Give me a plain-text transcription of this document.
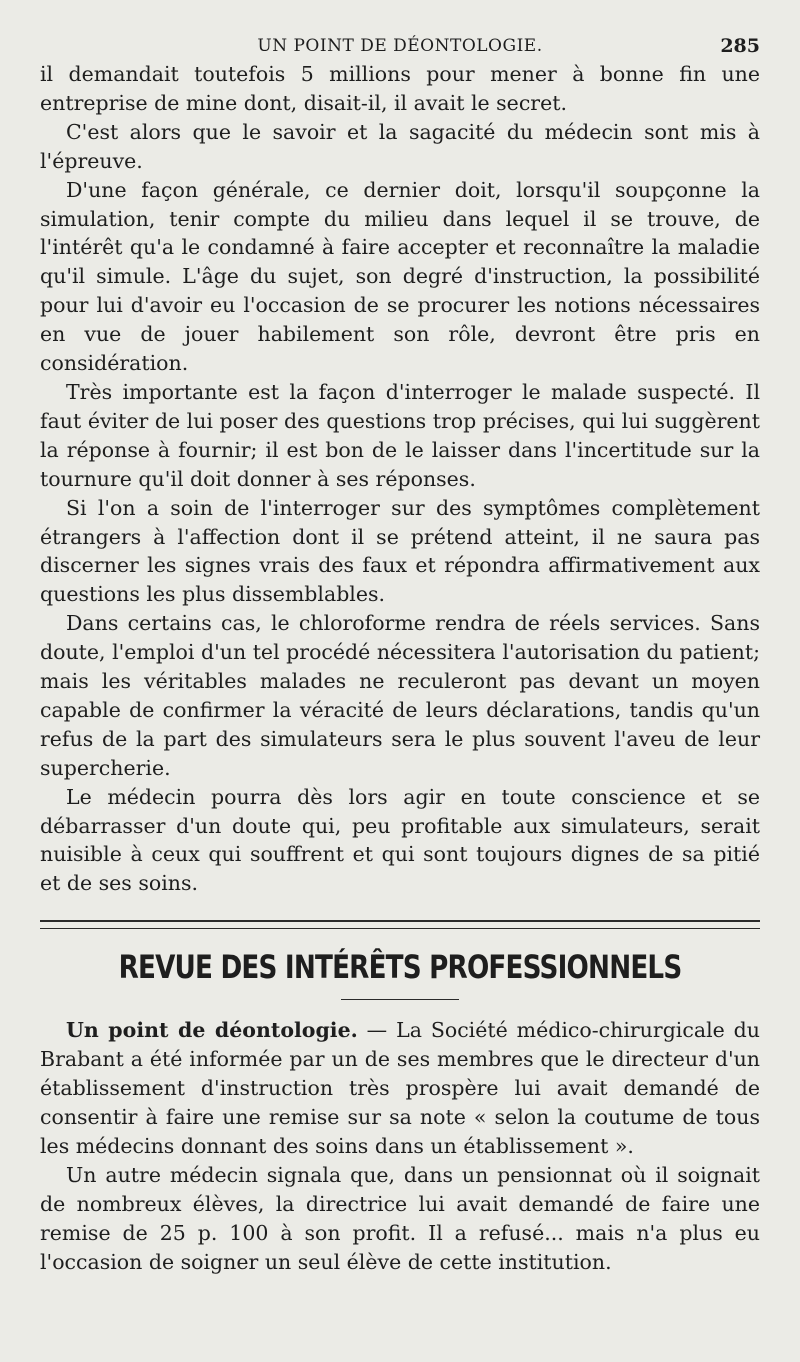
UN POINT DE DÉONTOLOGIE.	285

il demandait toutefois 5 millions pour mener à bonne fin une entreprise de mine dont, disait-il, il avait le secret.

C'est alors que le savoir et la sagacité du médecin sont mis à l'épreuve.

D'une façon générale, ce dernier doit, lorsqu'il soupçonne la simulation, tenir compte du milieu dans lequel il se trouve, de l'intérêt qu'a le condamné à faire accepter et reconnaître la maladie qu'il simule. L'âge du sujet, son degré d'instruction, la possibilité pour lui d'avoir eu l'occasion de se procurer les notions nécessaires en vue de jouer habilement son rôle, devront être pris en considération.

Très importante est la façon d'interroger le malade suspecté. Il faut éviter de lui poser des questions trop précises, qui lui suggèrent la réponse à fournir; il est bon de le laisser dans l'incertitude sur la tournure qu'il doit donner à ses réponses.

Si l'on a soin de l'interroger sur des symptômes complètement étrangers à l'affection dont il se prétend atteint, il ne saura pas discerner les signes vrais des faux et répondra affirmativement aux questions les plus dissemblables.

Dans certains cas, le chloroforme rendra de réels services. Sans doute, l'emploi d'un tel procédé nécessitera l'autorisation du patient; mais les véritables malades ne reculeront pas devant un moyen capable de confirmer la véracité de leurs déclarations, tandis qu'un refus de la part des simulateurs sera le plus souvent l'aveu de leur supercherie.

Le médecin pourra dès lors agir en toute conscience et se débarrasser d'un doute qui, peu profitable aux simulateurs, serait nuisible à ceux qui souffrent et qui sont toujours dignes de sa pitié et de ses soins.

REVUE DES INTÉRÊTS PROFESSIONNELS

Un point de déontologie. — La Société médico-chirurgicale du Brabant a été informée par un de ses membres que le directeur d'un établissement d'instruction très prospère lui avait demandé de consentir à faire une remise sur sa note « selon la coutume de tous les médecins donnant des soins dans un établissement ».

Un autre médecin signala que, dans un pensionnat où il soignait de nombreux élèves, la directrice lui avait demandé de faire une remise de 25 p. 100 à son profit. Il a refusé... mais n'a plus eu l'occasion de soigner un seul élève de cette institution.
